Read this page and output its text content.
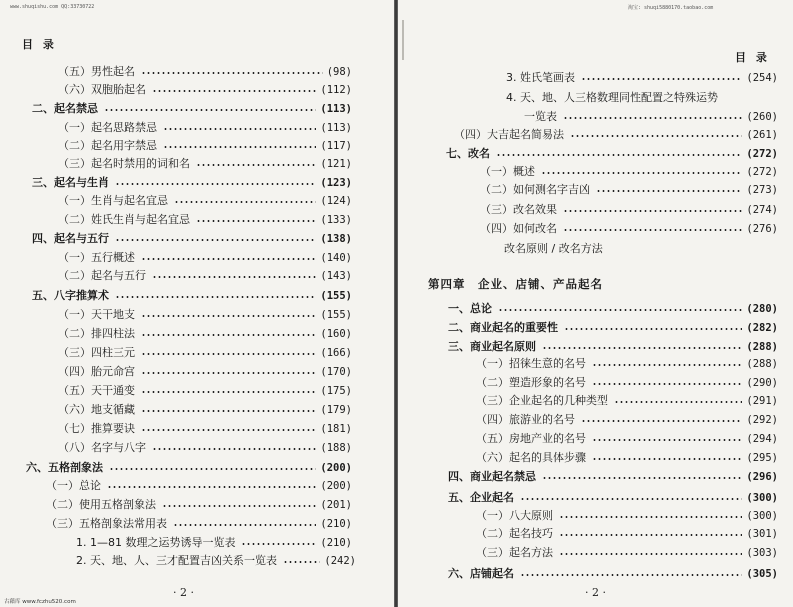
www.shuqishu.com QQ:33730722
目 录
（五）男性起名	(98)
（六）双胞胎起名	(112)
二、起名禁忌	(113)
（一）起名思路禁忌	(113)
（二）起名用字禁忌	(117)
（三）起名时禁用的词和名	(121)
三、起名与生肖	(123)
（一）生肖与起名宜忌	(124)
（二）姓氏生肖与起名宜忌	(133)
四、起名与五行	(138)
（一）五行概述	(140)
（二）起名与五行	(143)
五、八字推算术	(155)
（一）天干地支	(155)
（二）排四柱法	(160)
（三）四柱三元	(166)
（四）胎元命宫	(170)
（五）天干通变	(175)
（六）地支循藏	(179)
（七）推算要诀	(181)
（八）名字与八字	(188)
六、五格剖象法	(200)
（一）总论	(200)
（二）使用五格剖象法	(201)
（三）五格剖象法常用表	(210)
1. 1—81 数理之运势诱导一览表	(210)
2. 天、地、人、三才配置吉凶关系一览表	(242)
· 2 ·
古藉库 www.fczhu520.com
淘宝: shuqi5880170.taobao.com
目 录
3. 姓氏笔画表	(254)
4. 天、地、人三格数理同性配置之特殊运势
一览表	(260)
（四）大吉起名简易法	(261)
七、改名	(272)
（一）概述	(272)
（二）如何测名字吉凶	(273)
（三）改名效果	(274)
（四）如何改名	(276)
改名原则 / 改名方法
第四章　企业、店铺、产品起名
一、总论	(280)
二、商业起名的重要性	(282)
三、商业起名原则	(288)
（一）招徕生意的名号	(288)
（二）塑造形象的名号	(290)
（三）企业起名的几种类型	(291)
（四）旅游业的名号	(292)
（五）房地产业的名号	(294)
（六）起名的具体步骤	(295)
四、商业起名禁忌	(296)
五、企业起名	(300)
（一）八大原则	(300)
（二）起名技巧	(301)
（三）起名方法	(303)
六、店铺起名	(305)
· 2 ·
